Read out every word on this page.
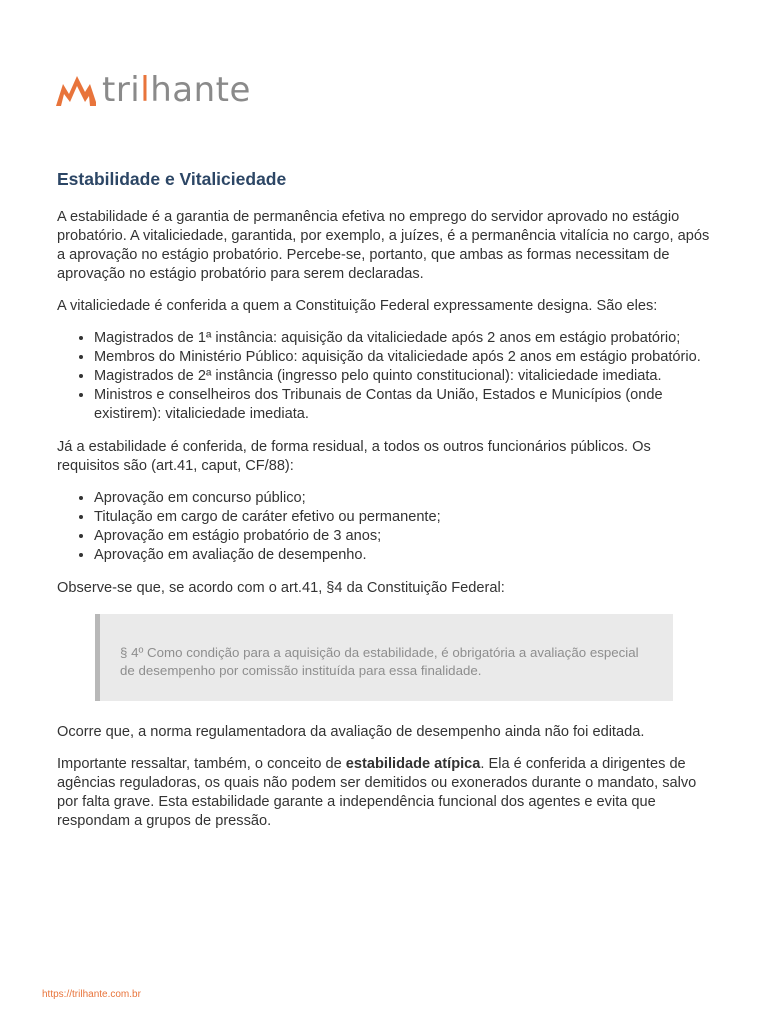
trilhante
Estabilidade e Vitaliciedade

A estabilidade é a garantia de permanência efetiva no emprego do servidor aprovado no estágio probatório. A vitaliciedade, garantida, por exemplo, a juízes, é a permanência vitalícia no cargo, após a aprovação no estágio probatório. Percebe-se, portanto, que ambas as formas necessitam de aprovação no estágio probatório para serem declaradas.

A vitaliciedade é conferida a quem a Constituição Federal expressamente designa. São eles:

• Magistrados de 1ª instância: aquisição da vitaliciedade após 2 anos em estágio probatório;
• Membros do Ministério Público: aquisição da vitaliciedade após 2 anos em estágio probatório.
• Magistrados de 2ª instância (ingresso pelo quinto constitucional): vitaliciedade imediata.
• Ministros e conselheiros dos Tribunais de Contas da União, Estados e Municípios (onde existirem): vitaliciedade imediata.

Já a estabilidade é conferida, de forma residual, a todos os outros funcionários públicos. Os requisitos são (art.41, caput, CF/88):

• Aprovação em concurso público;
• Titulação em cargo de caráter efetivo ou permanente;
• Aprovação em estágio probatório de 3 anos;
• Aprovação em avaliação de desempenho.

Observe-se que, se acordo com o art.41, §4 da Constituição Federal:

§ 4º Como condição para a aquisição da estabilidade, é obrigatória a avaliação especial de desempenho por comissão instituída para essa finalidade.

Ocorre que, a norma regulamentadora da avaliação de desempenho ainda não foi editada.

Importante ressaltar, também, o conceito de estabilidade atípica. Ela é conferida a dirigentes de agências reguladoras, os quais não podem ser demitidos ou exonerados durante o mandato, salvo por falta grave. Esta estabilidade garante a independência funcional dos agentes e evita que respondam a grupos de pressão.

https://trilhante.com.br
